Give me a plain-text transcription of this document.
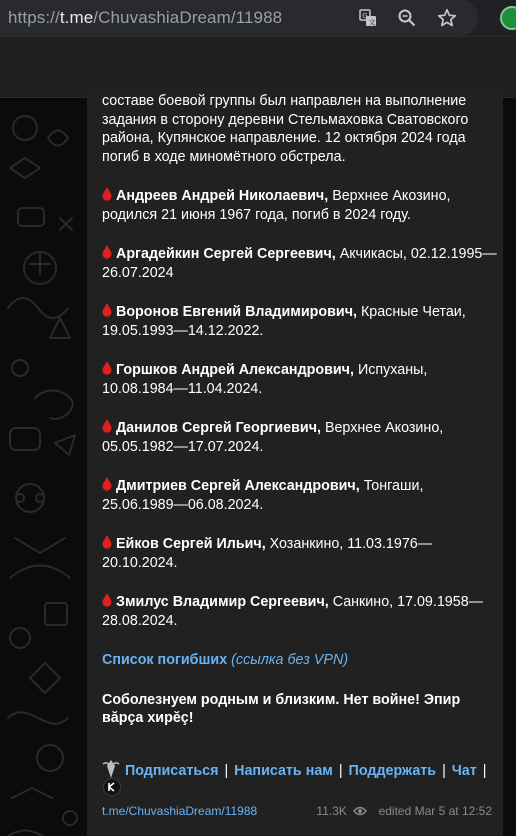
https://t.me/ChuvashiaDream/11988	G
文
составе боевой группы был направлен на выполнение задания в сторону деревни Стельмаховка Сватовского района, Купянское направление. 12 октября 2024 года погиб в ходе миномётного обстрела.
Андреев Андрей Николаевич, Верхнее Акозино, родился 21 июня 1967 года, погиб в 2024 году.
Аргадейкин Сергей Сергеевич, Акчикасы, 02.12.1995—26.07.2024
Воронов Евгений Владимирович, Красные Четаи, 19.05.1993—14.12.2022.
Горшков Андрей Александрович, Испуханы, 10.08.1984—11.04.2024.
Данилов Сергей Георгиевич, Верхнее Акозино, 05.05.1982—17.07.2024.
Дмитриев Сергей Александрович, Тонгаши, 25.06.1989—06.08.2024.
Ейков Сергей Ильич, Хозанкино, 11.03.1976—20.10.2024.
Змилус Владимир Сергеевич, Санкино, 17.09.1958—28.08.2024.
Список погибших (ссылка без VPN)
Соболезнуем родным и близким. Нет войне! Эпир вăрçа хирĕç!
Подписаться | Написать нам | Поддержать | Чат |
t.me/ChuvashiaDream/11988	11.3K	edited Mar 5 at 12:52
